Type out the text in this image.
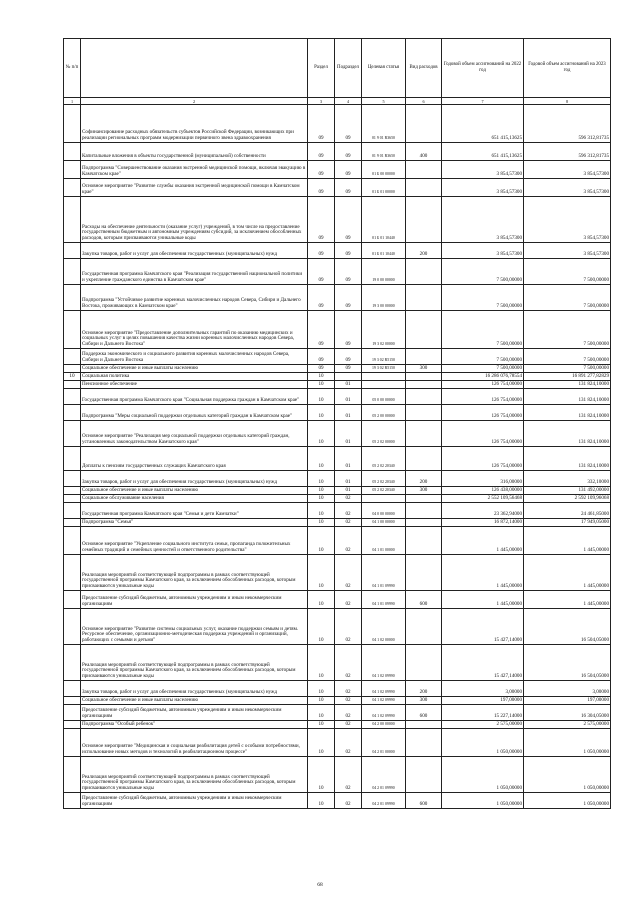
№ п/п		Раздел	Подраздел	Целевая статья	Вид расходов	Годовой объем ассигнований на 2022 год	Годовой объем ассигнований на 2023 год
1	2	3	4	5	6	7	8
	Софинансирование расходных обязательств субъектов Российской Федерации, возникающих при реализации региональных программ модернизации первичного звена здравоохранения	09	09	01 9 01 R3650		651 415,13625	596 312,81735
	Капитальные вложения в объекты государственной (муниципальной) собственности	09	09	01 9 01 R3650	400	651 415,13625	596 312,81735
	Подпрограмма "Совершенствование оказания экстренной медицинской помощи, включая эвакуацию в Камчатском крае"	09	09	01 Б 00 00000		3 854,57300	3 854,57300
	Основное мероприятие "Развитие службы оказания экстренной медицинской помощи в Камчатском крае"	09	09	01 Б 01 00000		3 854,57300	3 854,57300
	Расходы на обеспечение деятельности (оказание услуг) учреждений, в том числе на предоставление государственным бюджетным и автономным учреждениям субсидий, за исключением обособленных расходов, которым присваиваются уникальные коды	09	09	01 Б 01 10440		3 854,57300	3 854,57300
	Закупка товаров, работ и услуг для обеспечения государственных (муниципальных) нужд	09	09	01 Б 01 10440	200	3 854,57300	3 854,57300
	Государственная программа Камчатского края "Реализация государственной национальной политики и укрепление гражданского единства в Камчатском крае"	09	09	19 0 00 00000		7 500,00000	7 500,00000
	Подпрограмма "Устойчивое развитие коренных малочисленных народов Севера, Сибири и Дальнего Востока, проживающих в Камчатском крае"	09	09	19 3 00 00000		7 500,00000	7 500,00000
	Основное мероприятие "Предоставление дополнительных гарантий по оказанию медицинских и социальных услуг в целях повышения качества жизни коренных малочисленных народов Севера, Сибири и Дальнего Востока"	09	09	19 3 02 00000		7 500,00000	7 500,00000
	Поддержка экономического и социального развития коренных малочисленных народов Севера, Сибири и Дальнего Востока	09	09	19 3 02 R5150		7 500,00000	7 500,00000
	Социальное обеспечение и иные выплаты населению	09	09	19 3 02 R5150	300	7 500,00000	7 500,00000
10	Социальная политика	10				16 286 076,78554	16 891 277,82829
	Пенсионное обеспечение	10	01			126 754,00000	131 824,10000
	Государственная программа Камчатского края "Социальная поддержка граждан в Камчатском крае"	10	01	05 0 00 00000		126 754,00000	131 824,10000
	Подпрограмма "Меры социальной поддержки отдельных категорий граждан в Камчатском крае"	10	01	05 2 00 00000		126 754,00000	131 824,10000
	Основное мероприятие "Реализация мер социальной поддержки отдельных категорий граждан, установленных законодательством Камчатского края"	10	01	05 2 02 00000		126 754,00000	131 824,10000
	Доплаты к пенсиям государственных служащих Камчатского края	10	01	05 2 02 20340		126 754,00000	131 824,10000
	Закупка товаров, работ и услуг для обеспечения государственных (муниципальных) нужд	10	01	05 2 02 20340	200	316,00000	332,10000
	Социальное обеспечение и иные выплаты населению	10	01	05 2 02 20340	300	126 438,00000	131 492,00000
	Социальное обслуживание населения	10	02			2 552 109,56468	2 592 109,96068
	Государственная программа Камчатского края "Семья и дети Камчатки"	10	02	04 0 00 00000		23 362,94000	24 461,85000
	Подпрограмма "Семья"	10	02	04 1 00 00000		16 872,14000	17 949,05000
	Основное мероприятие "Укрепление социального института семьи, пропаганда положительных семейных традиций и семейных ценностей и ответственного родительства"	10	02	04 1 01 00000		1 445,00000	1 445,00000
	Реализация мероприятий соответствующей подпрограммы в рамках соответствующей государственной программы Камчатского края, за исключением обособленных расходов, которым присваиваются уникальные коды	10	02	04 1 01 09990		1 445,00000	1 445,00000
	Предоставление субсидий бюджетным, автономным учреждениям и иным некоммерческим организациям	10	02	04 1 01 09990	600	1 445,00000	1 445,00000
	Основное мероприятие "Развитие системы социальных услуг, оказание поддержки семьям и детям. Ресурсное обеспечение, организационно-методическая поддержка учреждений и организаций, работающих с семьями и детьми"	10	02	04 1 02 00000		15 427,14000	16 504,05000
	Реализация мероприятий соответствующей подпрограммы в рамках соответствующей государственной программы Камчатского края, за исключением обособленных расходов, которым присваиваются уникальные коды	10	02	04 1 02 09990		15 427,14000	16 504,05000
	Закупка товаров, работ и услуг для обеспечения государственных (муниципальных) нужд	10	02	04 1 02 09990	200	3,00000	3,00000
	Социальное обеспечение и иные выплаты населению	10	02	04 1 02 09990	300	197,00000	197,00000
	Предоставление субсидий бюджетным, автономным учреждениям и иным некоммерческим организациям	10	02	04 1 02 09990	600	15 227,14000	16 304,05000
	Подпрограмма "Особый ребенок"	10	02	04 2 00 00000		2 575,00000	2 575,00000
	Основное мероприятие "Медицинская и социальная реабилитация детей с особыми потребностями, использование новых методов и технологий в реабилитационном процессе"	10	02	04 2 01 00000		1 050,00000	1 050,00000
	Реализация мероприятий соответствующей подпрограммы в рамках соответствующей государственной программы Камчатского края, за исключением обособленных расходов, которым присваиваются уникальные коды	10	02	04 2 01 09990		1 050,00000	1 050,00000
	Предоставление субсидий бюджетным, автономным учреждениям и иным некоммерческим организациям	10	02	04 2 01 09990	600	1 050,00000	1 050,00000
68
